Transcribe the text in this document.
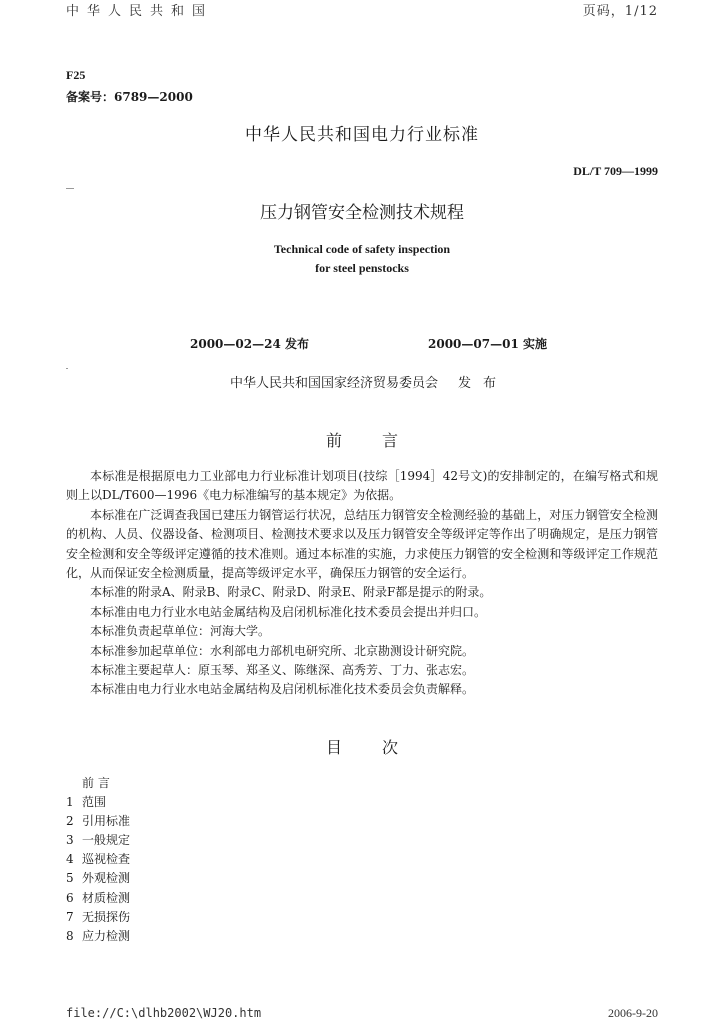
中华人民共和国	页码，1/12
F25
备案号：6789—2000
中华人民共和国电力行业标准
DL/T 709—1999
压力钢管安全检测技术规程
Technical code of safety inspection
for steel penstocks
2000—02—24 发布	2000—07—01 实施
中华人民共和国国家经济贸易委员会 发布
前言

本标准是根据原电力工业部电力行业标准计划项目(技综［1994］42号文)的安排制定的，在编写格式和规则上以DL/T600—1996《电力标准编写的基本规定》为依据。

本标准在广泛调查我国已建压力钢管运行状况，总结压力钢管安全检测经验的基础上，对压力钢管安全检测的机构、人员、仪器设备、检测项目、检测技术要求以及压力钢管安全等级评定等作出了明确规定，是压力钢管安全检测和安全等级评定遵循的技术准则。通过本标准的实施，力求使压力钢管的安全检测和等级评定工作规范化，从而保证安全检测质量，提高等级评定水平，确保压力钢管的安全运行。

本标准的附录A、附录B、附录C、附录D、附录E、附录F都是提示的附录。

本标准由电力行业水电站金属结构及启闭机标准化技术委员会提出并归口。

本标准负责起草单位：河海大学。

本标准参加起草单位：水利部电力部机电研究所、北京勘测设计研究院。

本标准主要起草人：原玉琴、郑圣义、陈继深、高秀芳、丁力、张志宏。

本标准由电力行业水电站金属结构及启闭机标准化技术委员会负责解释。

目次
前 言
1 范围
2 引用标准
3 一般规定
4 巡视检查
5 外观检测
6 材质检测
7 无损探伤
8 应力检测
file://C:\dlhb2002\WJ20.htm	2006-9-20
